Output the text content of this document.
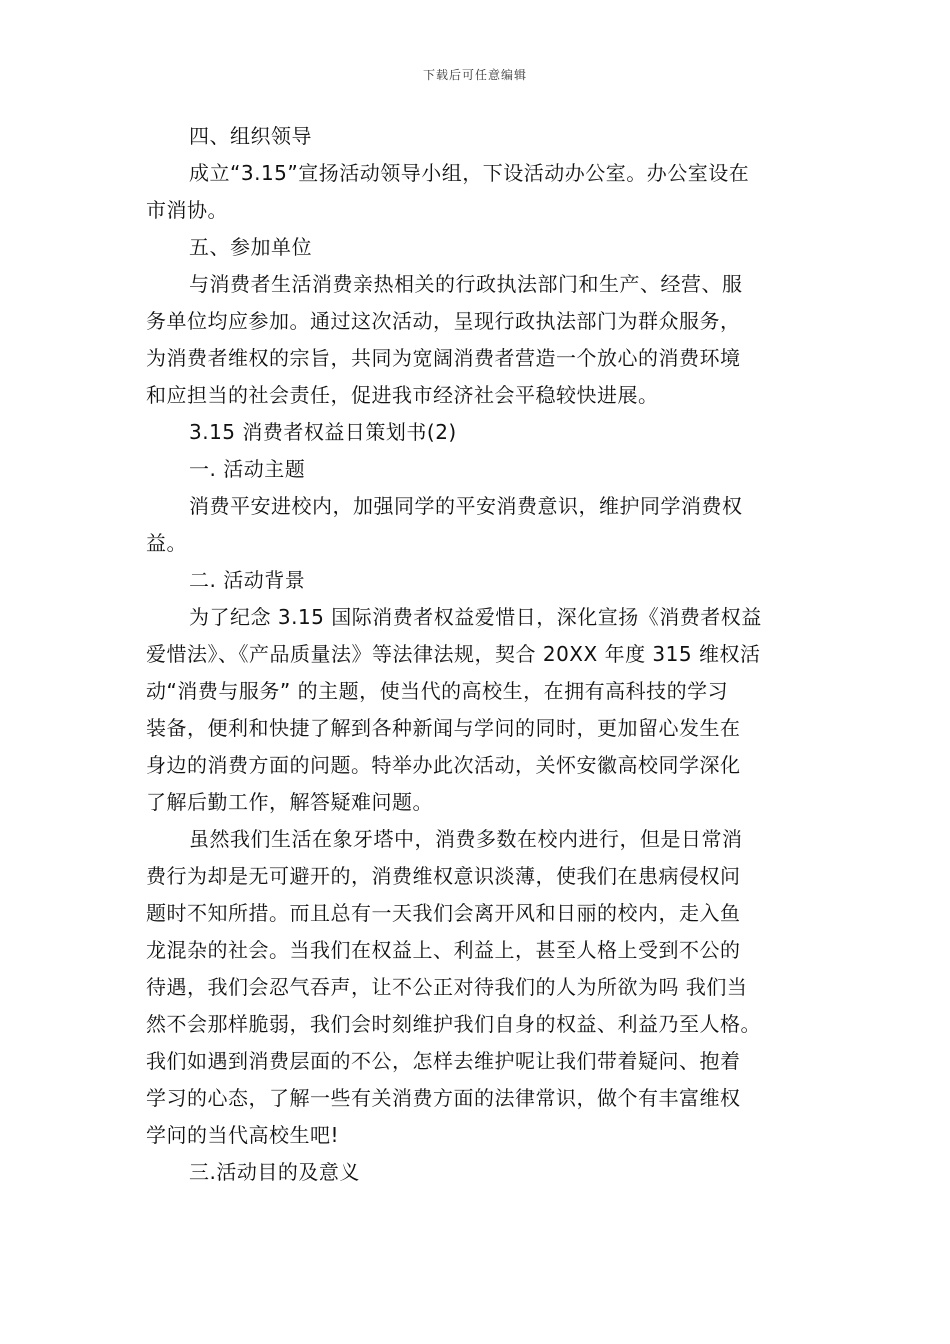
下载后可任意编辑
四、组织领导
成立“3.15”宣扬活动领导小组，下设活动办公室。办公室设在
市消协。
五、参加单位
与消费者生活消费亲热相关的行政执法部门和生产、经营、服
务单位均应参加。通过这次活动，呈现行政执法部门为群众服务，
为消费者维权的宗旨，共同为宽阔消费者营造一个放心的消费环境
和应担当的社会责任，促进我市经济社会平稳较快进展。
3.15 消费者权益日策划书(2)
一. 活动主题
消费平安进校内，加强同学的平安消费意识，维护同学消费权
益。
二. 活动背景
为了纪念 3.15 国际消费者权益爱惜日，深化宣扬《消费者权益
爱惜法》、《产品质量法》等法律法规，契合 20XX 年度 315 维权活
动“消费与服务” 的主题，使当代的高校生，在拥有高科技的学习
装备，便利和快捷了解到各种新闻与学问的同时，更加留心发生在
身边的消费方面的问题。特举办此次活动，关怀安徽高校同学深化
了解后勤工作，解答疑难问题。
虽然我们生活在象牙塔中，消费多数在校内进行，但是日常消
费行为却是无可避开的，消费维权意识淡薄，使我们在患病侵权问
题时不知所措。而且总有一天我们会离开风和日丽的校内，走入鱼
龙混杂的社会。当我们在权益上、利益上，甚至人格上受到不公的
待遇，我们会忍气吞声，让不公正对待我们的人为所欲为吗 我们当
然不会那样脆弱，我们会时刻维护我们自身的权益、利益乃至人格。
我们如遇到消费层面的不公，怎样去维护呢让我们带着疑问、抱着
学习的心态，了解一些有关消费方面的法律常识，做个有丰富维权
学问的当代高校生吧!
三.活动目的及意义
